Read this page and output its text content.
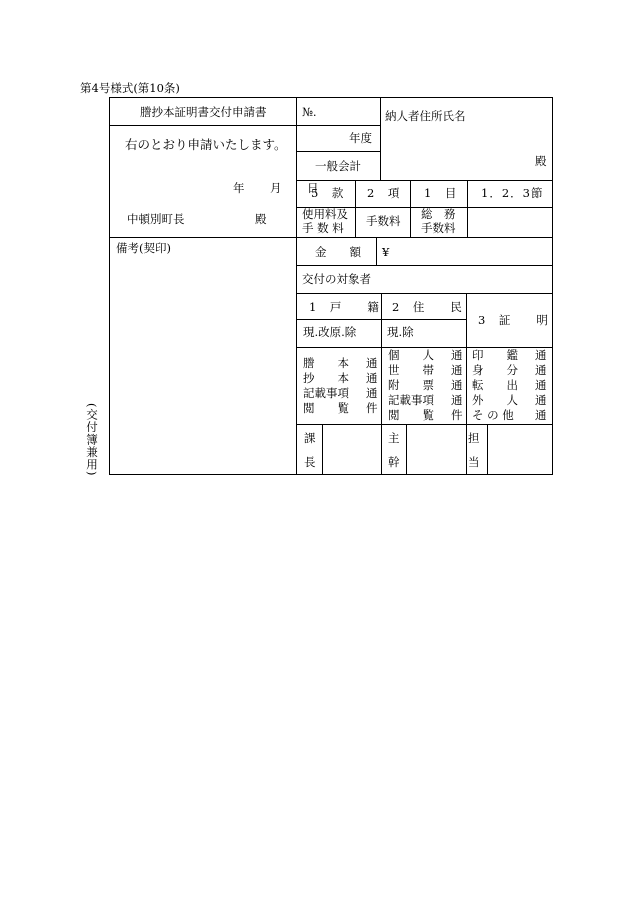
第4号様式(第10条)
(交付簿兼用)
謄抄本証明書交付申請書
右のとおり申請いたします。
年　月　日
中頓別町長	殿
備考(契印)
№.
年度
一般会計
納人者住所氏名
殿
5　款 2　項 1　目 1．2．3節
使用料及
手 数 料 手数料 総　務
手数料
金　　額 ¥
交付の対象者
1　戸　　籍
現.改原.除
2　住　　民
現.除
3　証　　明
謄　　本 通
抄　　本 通
記載事項 通
閲　　覧 件
個　　人 通
世　　帯 通
附　　票 通
記載事項 通
閲　　覧 件
印　　鑑 通
身　　分 通
転　　出 通
外　　人 通
そ の 他 通
課
長
主
幹
担
当
